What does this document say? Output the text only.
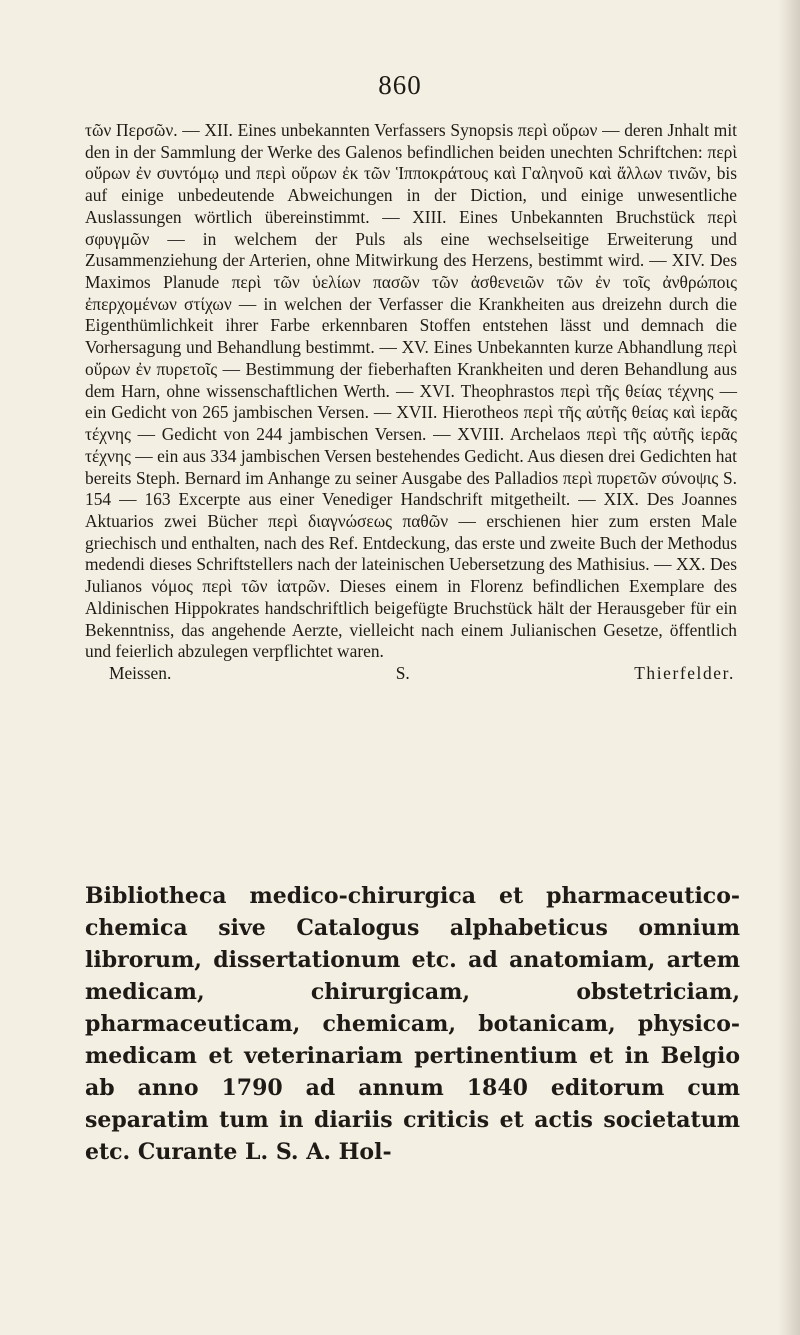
860

τῶν Περσῶν. — XII. Eines unbekannten Verfassers Synopsis περὶ οὔρων — deren Jnhalt mit den in der Sammlung der Werke des Galenos befindlichen beiden unechten Schriftchen: περὶ οὔρων ἐν συντόμῳ und περὶ οὔρων ἐκ τῶν Ἱπποκράτους καὶ Γαληνοῦ καὶ ἄλλων τινῶν, bis auf einige unbedeutende Abweichungen in der Diction, und einige unwesentliche Auslassungen wörtlich übereinstimmt. — XIII. Eines Unbekannten Bruchstück περὶ σφυγμῶν — in welchem der Puls als eine wechselseitige Erweiterung und Zusammenziehung der Arterien, ohne Mitwirkung des Herzens, bestimmt wird. — XIV. Des Maximos Planude περὶ τῶν ὑελίων πασῶν τῶν ἀσθενειῶν τῶν ἐν τοῖς ἀνθρώποις ἐπερχομένων στίχων — in welchen der Verfasser die Krankheiten aus dreizehn durch die Eigenthümlichkeit ihrer Farbe erkennbaren Stoffen entstehen lässt und demnach die Vorhersagung und Behandlung bestimmt. — XV. Eines Unbekannten kurze Abhandlung περὶ οὔρων ἐν πυρετοῖς — Bestimmung der fieberhaften Krankheiten und deren Behandlung aus dem Harn, ohne wissenschaftlichen Werth. — XVI. Theophrastos περὶ τῆς θείας τέχνης — ein Gedicht von 265 jambischen Versen. — XVII. Hierotheos περὶ τῆς αὐτῆς θείας καὶ ἱερᾶς τέχνης — Gedicht von 244 jambischen Versen. — XVIII. Archelaos περὶ τῆς αὐτῆς ἱερᾶς τέχνης — ein aus 334 jambischen Versen bestehendes Gedicht. Aus diesen drei Gedichten hat bereits Steph. Bernard im Anhange zu seiner Ausgabe des Palladios περὶ πυρετῶν σύνοψις S. 154 — 163 Excerpte aus einer Venediger Handschrift mitgetheilt. — XIX. Des Joannes Aktuarios zwei Bücher περὶ διαγνώσεως παθῶν — erschienen hier zum ersten Male griechisch und enthalten, nach des Ref. Entdeckung, das erste und zweite Buch der Methodus medendi dieses Schriftstellers nach der lateinischen Uebersetzung des Mathisius. — XX. Des Julianos νόμος περὶ τῶν ἰατρῶν. Dieses einem in Florenz befindlichen Exemplare des Aldinischen Hippokrates handschriftlich beigefügte Bruchstück hält der Herausgeber für ein Bekenntniss, das angehende Aerzte, vielleicht nach einem Julianischen Gesetze, öffentlich und feierlich abzulegen verpflichtet waren.

Meissen.	S.	Thierfelder.

Bibliotheca medico-chirurgica et pharmaceutico-chemica sive Catalogus alphabeticus omnium librorum, dissertationum etc. ad anatomiam, artem medicam, chirurgicam, obstetriciam, pharmaceuticam, chemicam, botanicam, physico-medicam et veterinariam pertinentium et in Belgio ab anno 1790 ad annum 1840 editorum cum separatim tum in diariis criticis et actis societatum etc. Curante L. S. A. Hol-
